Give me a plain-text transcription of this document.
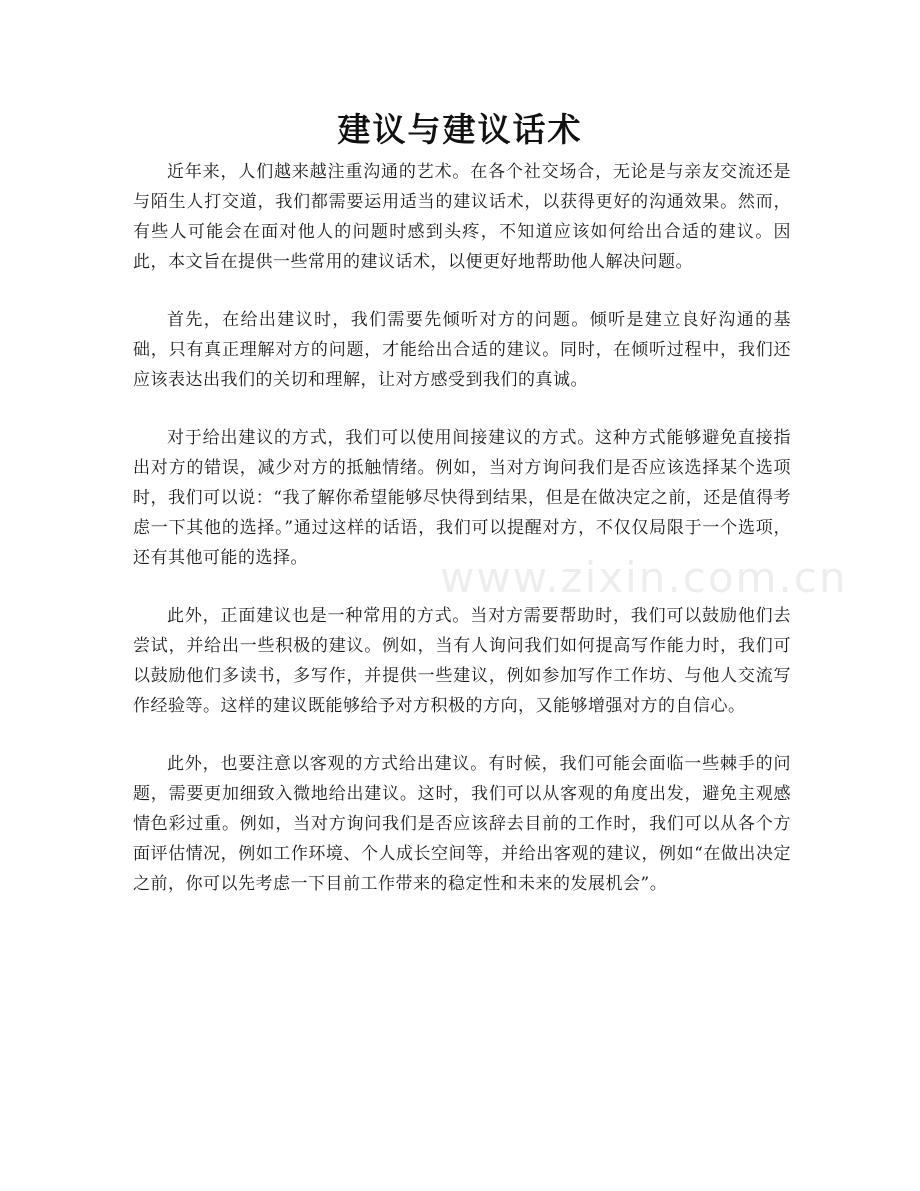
建议与建议话术

近年来，人们越来越注重沟通的艺术。在各个社交场合，无论是与亲友交流还是与陌生人打交道，我们都需要运用适当的建议话术，以获得更好的沟通效果。然而，有些人可能会在面对他人的问题时感到头疼，不知道应该如何给出合适的建议。因此，本文旨在提供一些常用的建议话术，以便更好地帮助他人解决问题。

首先，在给出建议时，我们需要先倾听对方的问题。倾听是建立良好沟通的基础，只有真正理解对方的问题，才能给出合适的建议。同时，在倾听过程中，我们还应该表达出我们的关切和理解，让对方感受到我们的真诚。

对于给出建议的方式，我们可以使用间接建议的方式。这种方式能够避免直接指出对方的错误，减少对方的抵触情绪。例如，当对方询问我们是否应该选择某个选项时，我们可以说：“我了解你希望能够尽快得到结果，但是在做决定之前，还是值得考虑一下其他的选择。”通过这样的话语，我们可以提醒对方，不仅仅局限于一个选项，还有其他可能的选择。

此外，正面建议也是一种常用的方式。当对方需要帮助时，我们可以鼓励他们去尝试，并给出一些积极的建议。例如，当有人询问我们如何提高写作能力时，我们可以鼓励他们多读书，多写作，并提供一些建议，例如参加写作工作坊、与他人交流写作经验等。这样的建议既能够给予对方积极的方向，又能够增强对方的自信心。

此外，也要注意以客观的方式给出建议。有时候，我们可能会面临一些棘手的问题，需要更加细致入微地给出建议。这时，我们可以从客观的角度出发，避免主观感情色彩过重。例如，当对方询问我们是否应该辞去目前的工作时，我们可以从各个方面评估情况，例如工作环境、个人成长空间等，并给出客观的建议，例如“在做出决定之前，你可以先考虑一下目前工作带来的稳定性和未来的发展机会”。

www.zixin.com.cn
